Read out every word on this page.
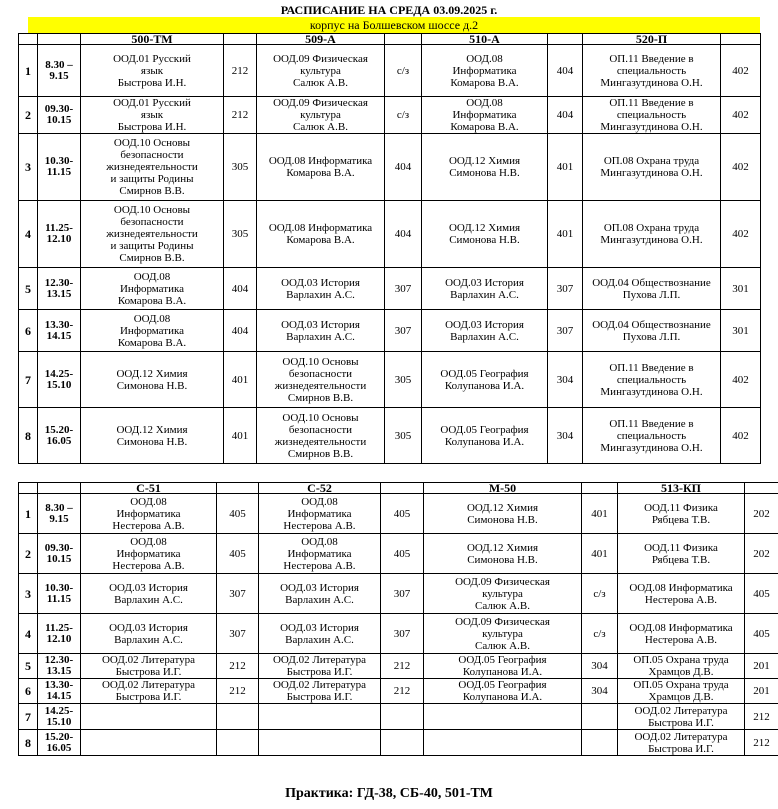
РАСПИСАНИЕ НА СРЕДА 03.09.2025 г.
корпус на Болшевском шоссе д.2
		500-ТМ		509-А		510-А		520-П	
1	8.30 –
9.15	ООД.01 Русский
язык
Быстрова И.Н.	212	ООД.09 Физическая
культура
Салюк А.В.	с/з	ООД.08
Информатика
Комарова В.А.	404	ОП.11 Введение в
специальность
Мингазутдинова О.Н.	402
2	09.30-
10.15	ООД.01 Русский
язык
Быстрова И.Н.	212	ООД.09 Физическая
культура
Салюк А.В.	с/з	ООД.08
Информатика
Комарова В.А.	404	ОП.11 Введение в
специальность
Мингазутдинова О.Н.	402
3	10.30-
11.15	ООД.10 Основы
безопасности
жизнедеятельности
и защиты Родины
Смирнов В.В.	305	ООД.08 Информатика
Комарова В.А.	404	ООД.12 Химия
Симонова Н.В.	401	ОП.08 Охрана труда
Мингазутдинова О.Н.	402
4	11.25-
12.10	ООД.10 Основы
безопасности
жизнедеятельности
и защиты Родины
Смирнов В.В.	305	ООД.08 Информатика
Комарова В.А.	404	ООД.12 Химия
Симонова Н.В.	401	ОП.08 Охрана труда
Мингазутдинова О.Н.	402
5	12.30-
13.15	ООД.08
Информатика
Комарова В.А.	404	ООД.03 История
Варлахин А.С.	307	ООД.03 История
Варлахин А.С.	307	ООД.04 Обществознание
Пухова Л.П.	301
6	13.30-
14.15	ООД.08
Информатика
Комарова В.А.	404	ООД.03 История
Варлахин А.С.	307	ООД.03 История
Варлахин А.С.	307	ООД.04 Обществознание
Пухова Л.П.	301
7	14.25-
15.10	ООД.12 Химия
Симонова Н.В.	401	ООД.10 Основы
безопасности
жизнедеятельности
Смирнов В.В.	305	ООД.05 География
Колупанова И.А.	304	ОП.11 Введение в
специальность
Мингазутдинова О.Н.	402
8	15.20-
16.05	ООД.12 Химия
Симонова Н.В.	401	ООД.10 Основы
безопасности
жизнедеятельности
Смирнов В.В.	305	ООД.05 География
Колупанова И.А.	304	ОП.11 Введение в
специальность
Мингазутдинова О.Н.	402
		С-51		С-52		М-50		513-КП	
1	8.30 –
9.15	ООД.08
Информатика
Нестерова А.В.	405	ООД.08
Информатика
Нестерова А.В.	405	ООД.12 Химия
Симонова Н.В.	401	ООД.11 Физика
Рябцева Т.В.	202
2	09.30-
10.15	ООД.08
Информатика
Нестерова А.В.	405	ООД.08
Информатика
Нестерова А.В.	405	ООД.12 Химия
Симонова Н.В.	401	ООД.11 Физика
Рябцева Т.В.	202
3	10.30-
11.15	ООД.03 История
Варлахин А.С.	307	ООД.03 История
Варлахин А.С.	307	ООД.09 Физическая
культура
Салюк А.В.	с/з	ООД.08 Информатика
Нестерова А.В.	405
4	11.25-
12.10	ООД.03 История
Варлахин А.С.	307	ООД.03 История
Варлахин А.С.	307	ООД.09 Физическая
культура
Салюк А.В.	с/з	ООД.08 Информатика
Нестерова А.В.	405
5	12.30-
13.15	ООД.02 Литература
Быстрова И.Г.	212	ООД.02 Литература
Быстрова И.Г.	212	ООД.05 География
Колупанова И.А.	304	ОП.05 Охрана труда
Храмцов Д.В.	201
6	13.30-
14.15	ООД.02 Литература
Быстрова И.Г.	212	ООД.02 Литература
Быстрова И.Г.	212	ООД.05 География
Колупанова И.А.	304	ОП.05 Охрана труда
Храмцов Д.В.	201
7	14.25-
15.10							ООД.02 Литература
Быстрова И.Г.	212
8	15.20-
16.05							ООД.02 Литература
Быстрова И.Г.	212
Практика: ГД-38, СБ-40, 501-ТМ
